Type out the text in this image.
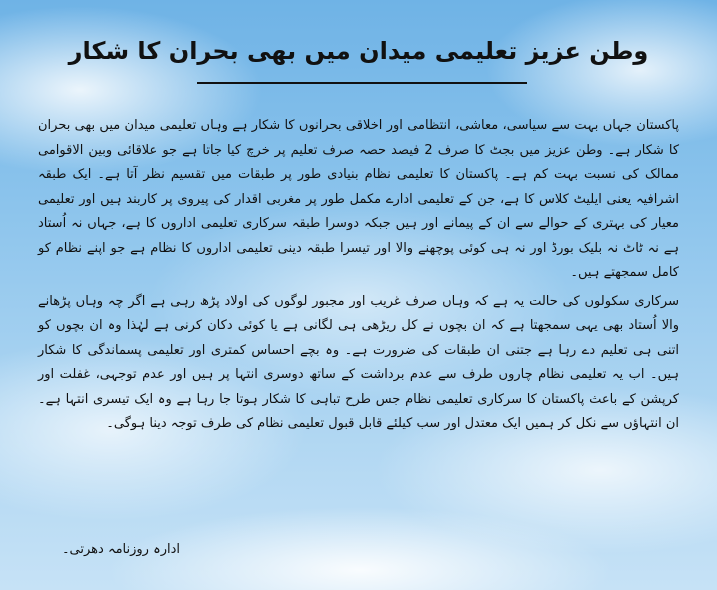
وطن عزیز تعلیمی میدان میں بھی بحران کا شکار

پاکستان جہاں بہت سے سیاسی، معاشی، انتظامی اور اخلاقی بحرانوں کا شکار ہے وہاں تعلیمی میدان میں بھی بحران کا شکار ہے۔ وطن عزیز میں بجٹ کا صرف 2 فیصد حصہ صرف تعلیم پر خرچ کیا جاتا ہے جو علاقائی وبین الاقوامی ممالک کی نسبت بہت کم ہے۔ پاکستان کا تعلیمی نظام بنیادی طور پر طبقات میں تقسیم نظر آتا ہے۔ ایک طبقہ اشرافیہ یعنی ایلیٹ کلاس کا ہے، جن کے تعلیمی ادارے مکمل طور پر مغربی اقدار کی پیروی پر کاربند ہیں اور تعلیمی معیار کی بہتری کے حوالے سے ان کے پیمانے اور ہیں جبکہ دوسرا طبقہ سرکاری تعلیمی اداروں کا ہے، جہاں نہ اُستاد ہے نہ ٹاٹ نہ بلیک بورڈ اور نہ ہی کوئی پوچھنے والا اور تیسرا طبقہ دینی تعلیمی اداروں کا نظام ہے جو اپنے نظام کو کامل سمجھتے ہیں۔

سرکاری سکولوں کی حالت یہ ہے کہ وہاں صرف غریب اور مجبور لوگوں کی اولاد پڑھ رہی ہے اگر چہ وہاں پڑھانے والا اُستاد بھی یہی سمجھتا ہے کہ ان بچوں نے کل ریڑھی ہی لگانی ہے یا کوئی دکان کرنی ہے لہٰذا وہ ان بچوں کو اتنی ہی تعلیم دے رہا ہے جتنی ان طبقات کی ضرورت ہے۔ وہ بچے احساس کمتری اور تعلیمی پسماندگی کا شکار ہیں۔ اب یہ تعلیمی نظام چاروں طرف سے عدم برداشت کے ساتھ دوسری انتہا پر ہیں اور عدم توجہی، غفلت اور کرپشن کے باعث پاکستان کا سرکاری تعلیمی نظام جس طرح تباہی کا شکار ہوتا جا رہا ہے وہ ایک تیسری انتہا ہے۔ ان انتہاؤں سے نکل کر ہمیں ایک معتدل اور سب کیلئے قابل قبول تعلیمی نظام کی طرف توجہ دینا ہوگی۔

ادارہ روزنامہ دھرتی۔
